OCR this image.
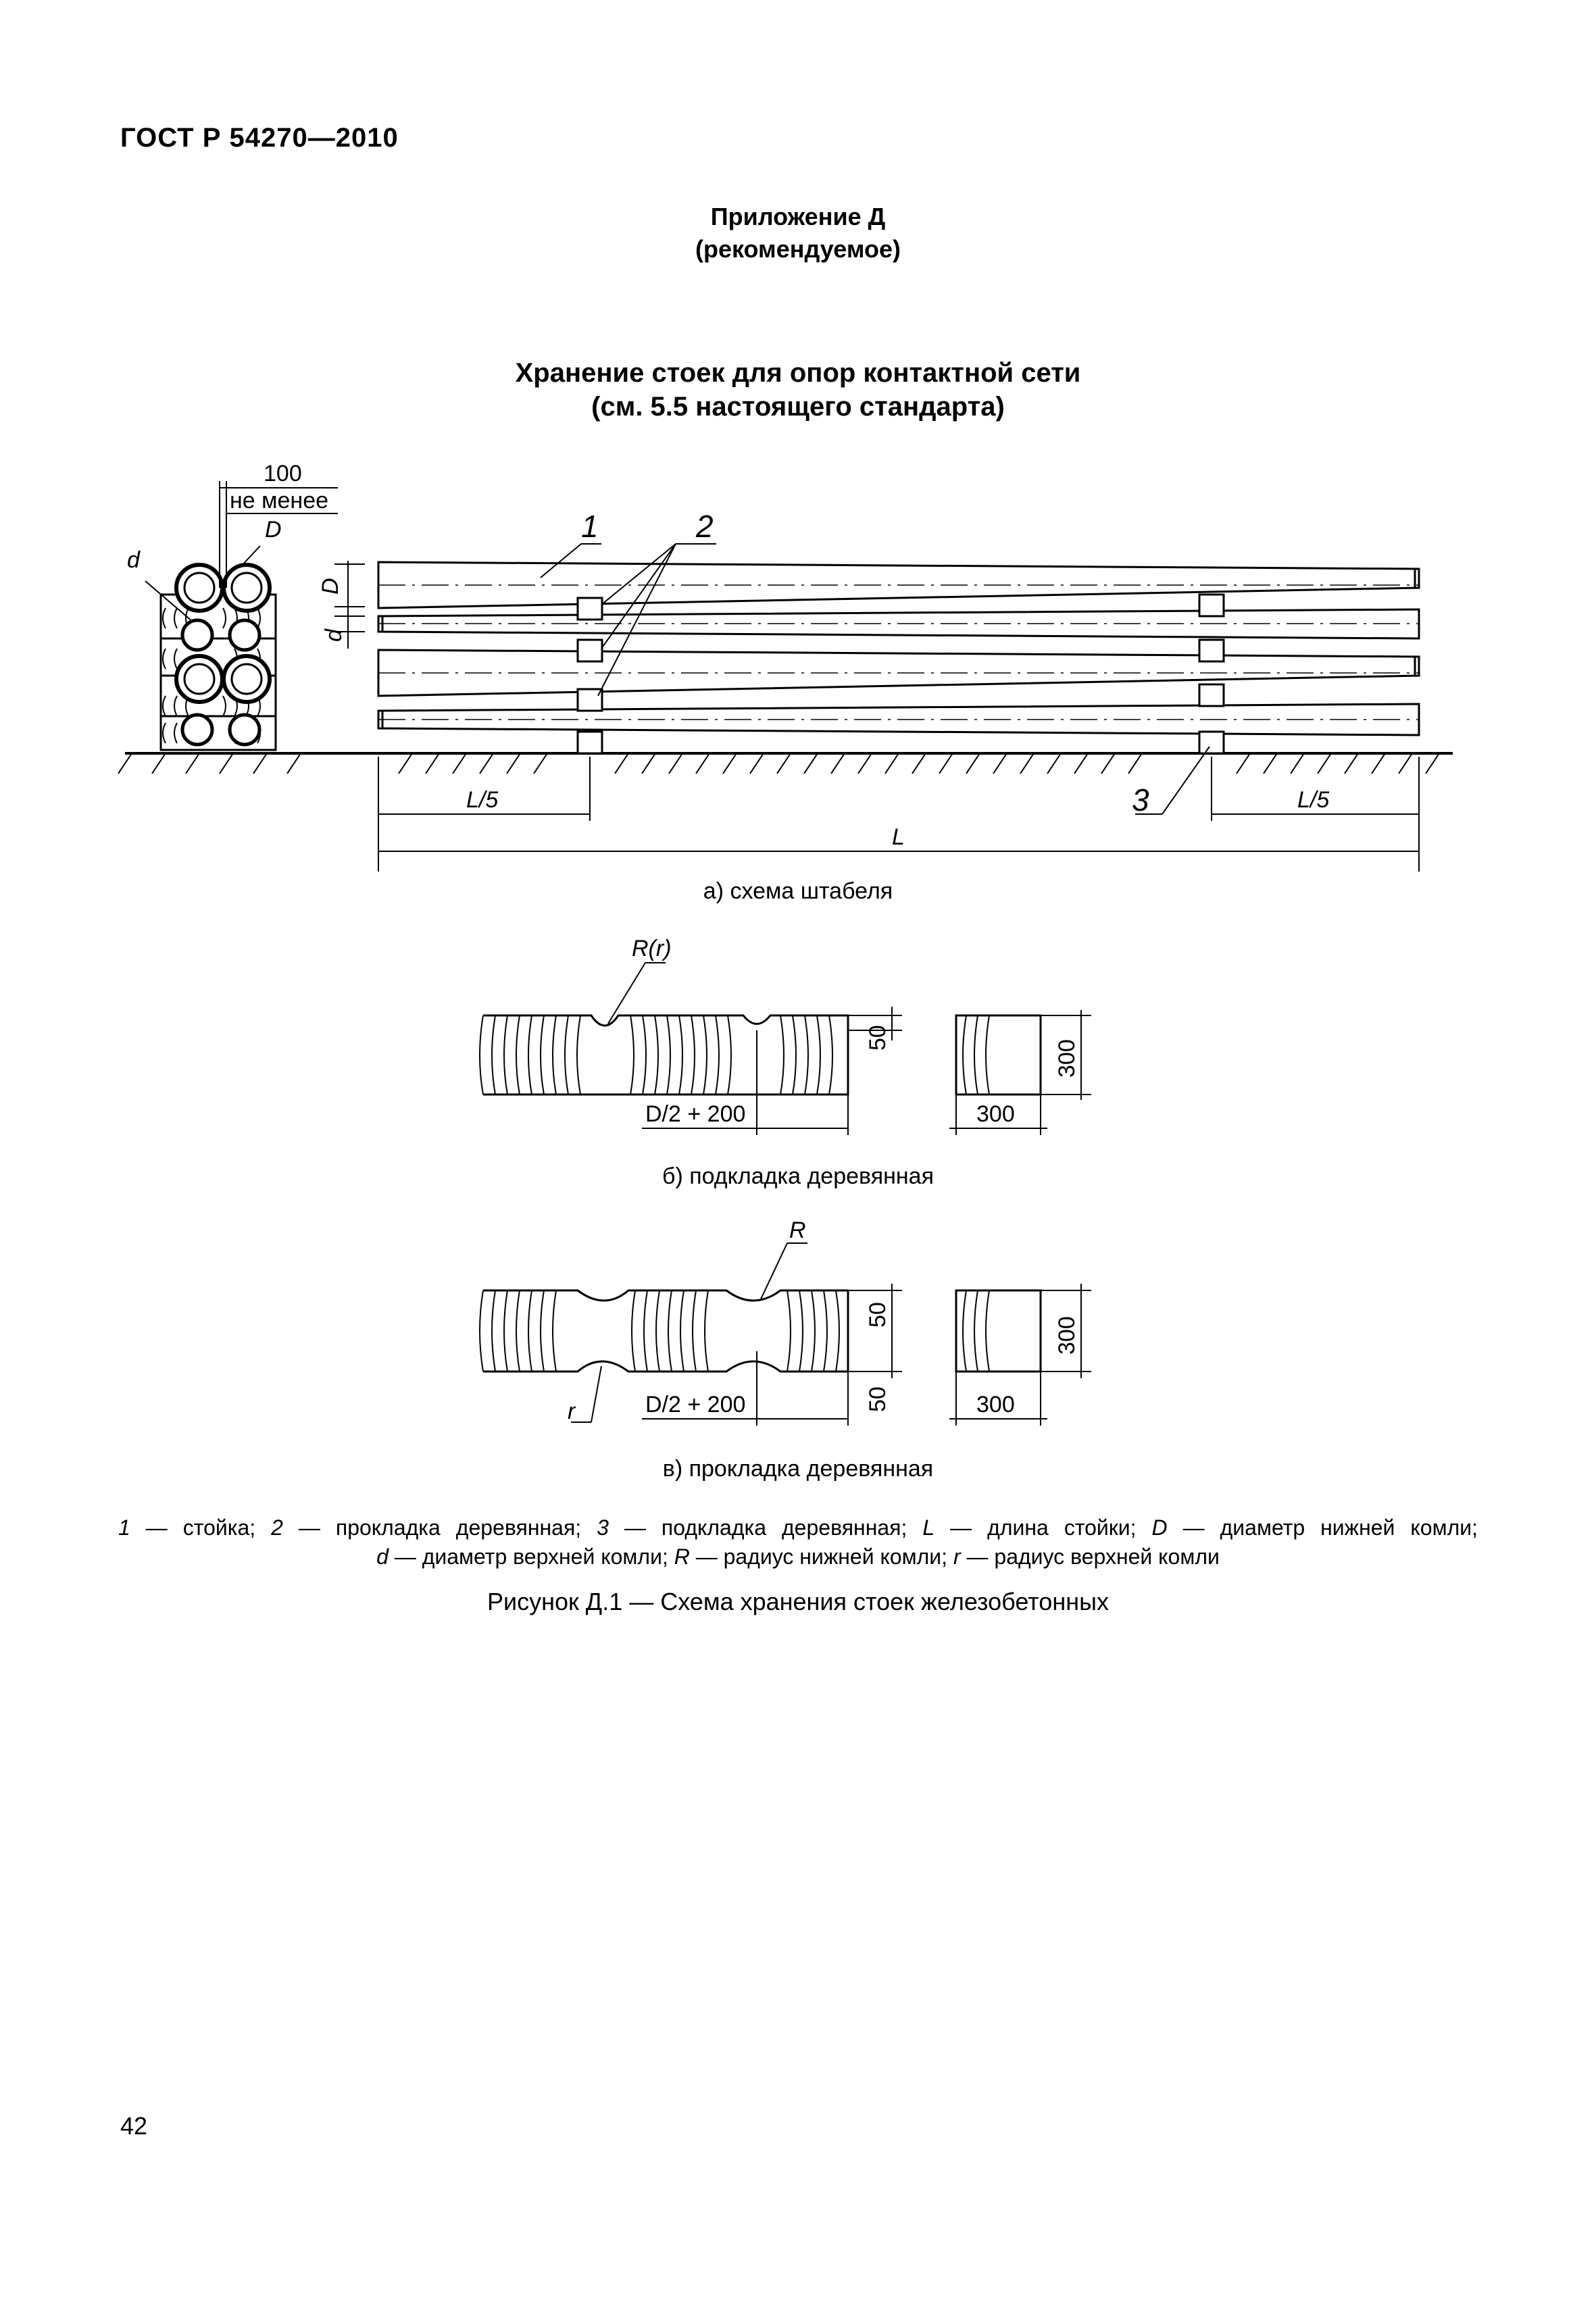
ГОСТ Р 54270—2010
Приложение Д
(рекомендуемое)
Хранение стоек для опор контактной сети
(см. 5.5 настоящего стандарта)
100
не менее
D
d
1	2
3
D
d
L/5	L/5
L
а) схема штабеля
R(r)
50
300
D/2 + 200	300
б) подкладка деревянная
R
r
50
50
300
D/2 + 200	300
в) прокладка деревянная
1 — стойка; 2 — прокладка деревянная; 3 — подкладка деревянная; L — длина стойки; D — диаметр нижней комли;
d — диаметр верхней комли; R — радиус нижней комли; r — радиус верхней комли
Рисунок Д.1 — Схема хранения стоек железобетонных
42
